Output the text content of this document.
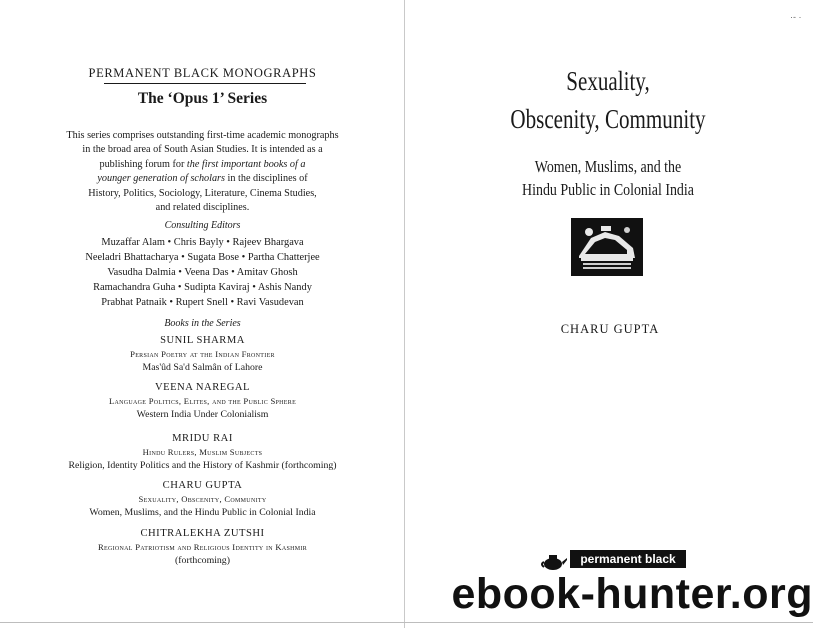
PERMANENT BLACK MONOGRAPHS
The ‘Opus 1’ Series
This series comprises outstanding first-time academic monographs
in the broad area of South Asian Studies. It is intended as a
publishing forum for the first important books of a
younger generation of scholars in the disciplines of
History, Politics, Sociology, Literature, Cinema Studies,
and related disciplines.
Consulting Editors
Muzaffar Alam • Chris Bayly • Rajeev Bhargava
Neeladri Bhattacharya • Sugata Bose • Partha Chatterjee
Vasudha Dalmia • Veena Das • Amitav Ghosh
Ramachandra Guha • Sudipta Kaviraj • Ashis Nandy
Prabhat Patnaik • Rupert Snell • Ravi Vasudevan
Books in the Series
SUNIL SHARMA
Persian Poetry at the Indian Frontier
Mas'ûd Sa'd Salmân of Lahore
VEENA NAREGAL
Language Politics, Elites, and the Public Sphere
Western India Under Colonialism
MRIDU RAI
Hindu Rulers, Muslim Subjects
Religion, Identity Politics and the History of Kashmir (forthcoming)
CHARU GUPTA
Sexuality, Obscenity, Community
Women, Muslims, and the Hindu Public in Colonial India
CHITRALEKHA ZUTSHI
Regional Patriotism and Religious Identity in Kashmir
(forthcoming)
·- ·
Sexuality,
Obscenity, Community
Women, Muslims, and the
Hindu Public in Colonial India
CHARU GUPTA
permanent black
ebook-hunter.org
